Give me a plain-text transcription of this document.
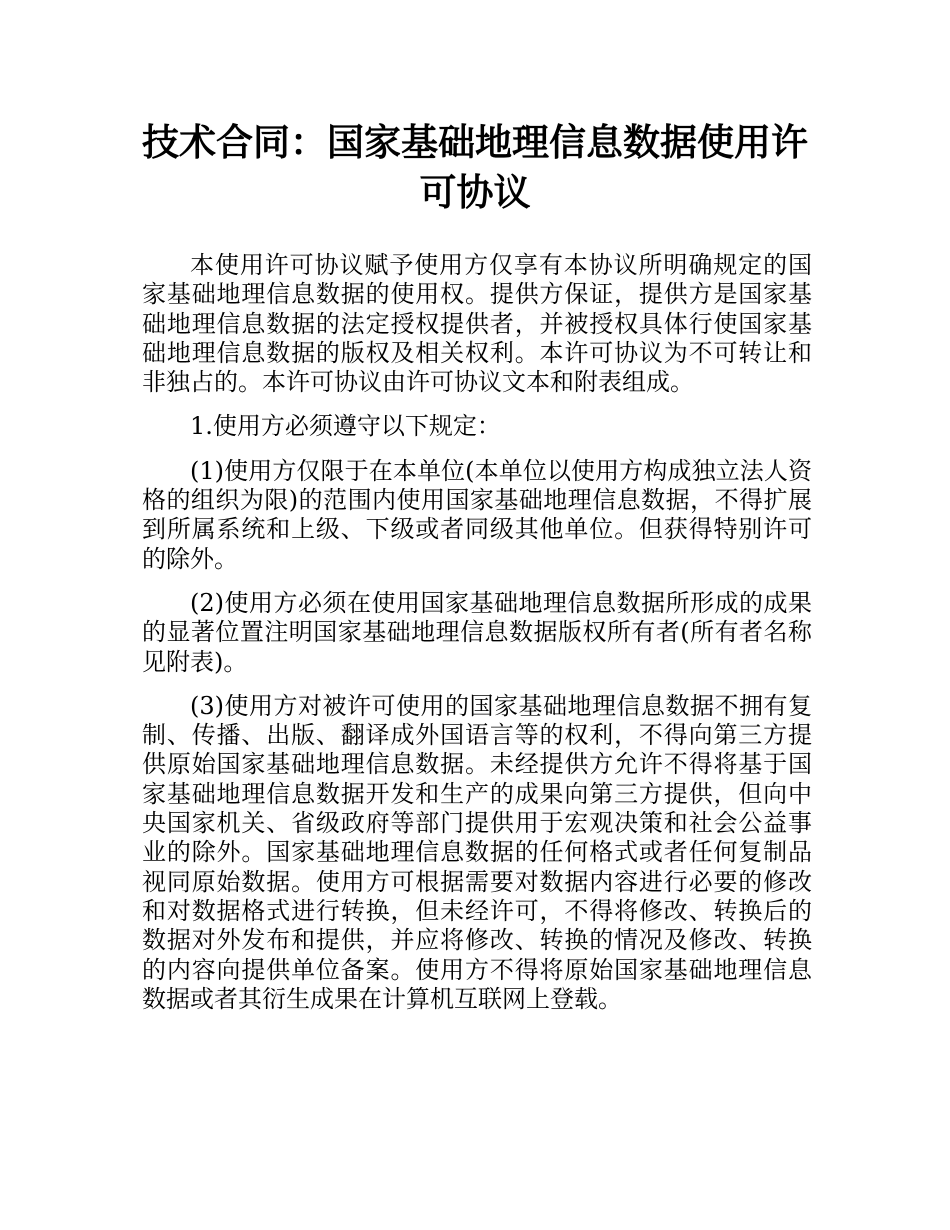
技术合同：国家基础地理信息数据使用许可协议

本使用许可协议赋予使用方仅享有本协议所明确规定的国家基础地理信息数据的使用权。提供方保证，提供方是国家基础地理信息数据的法定授权提供者，并被授权具体行使国家基础地理信息数据的版权及相关权利。本许可协议为不可转让和非独占的。本许可协议由许可协议文本和附表组成。

1.使用方必须遵守以下规定：

(1)使用方仅限于在本单位(本单位以使用方构成独立法人资格的组织为限)的范围内使用国家基础地理信息数据，不得扩展到所属系统和上级、下级或者同级其他单位。但获得特别许可的除外。

(2)使用方必须在使用国家基础地理信息数据所形成的成果的显著位置注明国家基础地理信息数据版权所有者(所有者名称见附表)。

(3)使用方对被许可使用的国家基础地理信息数据不拥有复制、传播、出版、翻译成外国语言等的权利，不得向第三方提供原始国家基础地理信息数据。未经提供方允许不得将基于国家基础地理信息数据开发和生产的成果向第三方提供，但向中央国家机关、省级政府等部门提供用于宏观决策和社会公益事业的除外。国家基础地理信息数据的任何格式或者任何复制品视同原始数据。使用方可根据需要对数据内容进行必要的修改和对数据格式进行转换，但未经许可，不得将修改、转换后的数据对外发布和提供，并应将修改、转换的情况及修改、转换的内容向提供单位备案。使用方不得将原始国家基础地理信息数据或者其衍生成果在计算机互联网上登载。
